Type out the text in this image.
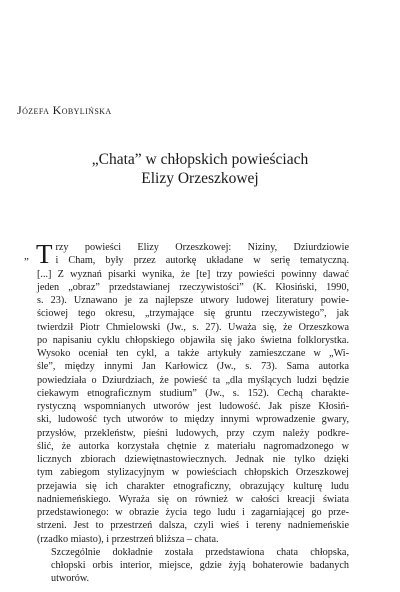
Józefa Kobylińska
„Chata” w chłopskich powieściach
Elizy Orzeszkowej
„ T rzy powieści Elizy Orzeszkowej: Niziny, Dziurdziowie
i Cham, były przez autorkę układane w serię tematyczną.
[...] Z wyznań pisarki wynika, że [te] trzy powieści powinny dawać
jeden „obraz” przedstawianej rzeczywistości” (K. Kłosiński, 1990,
s. 23). Uznawano je za najlepsze utwory ludowej literatury powie-
ściowej tego okresu, „trzymające się gruntu rzeczywistego”, jak
twierdził Piotr Chmielowski (Jw., s. 27). Uważa się, że Orzeszkowa
po napisaniu cyklu chłopskiego objawiła się jako świetna folklorystka.
Wysoko oceniał ten cykl, a także artykuły zamieszczane w „Wi-
śle”, między innymi Jan Karłowicz (Jw., s. 73). Sama autorka
powiedziała o Dziurdziach, że powieść ta „dla myślących ludzi będzie
ciekawym etnograficznym studium” (Jw., s. 152). Cechą charakte-
rystyczną wspomnianych utworów jest ludowość. Jak pisze Kłosiń-
ski, ludowość tych utworów to między innymi wprowadzenie gwary,
przysłów, przekleństw, pieśni ludowych, przy czym należy podkre-
ślić, że autorka korzystała chętnie z materiału nagromadzonego w
licznych zbiorach dziewiętnastowiecznych. Jednak nie tylko dzięki
tym zabiegom stylizacyjnym w powieściach chłopskich Orzeszkowej
przejawia się ich charakter etnograficzny, obrazujący kulturę ludu
nadniemeńskiego. Wyraża się on również w całości kreacji świata
przedstawionego: w obrazie życia tego ludu i zagarniającej go prze-
strzeni. Jest to przestrzeń dalsza, czyli wieś i tereny nadniemeńskie
(rzadko miasto), i przestrzeń bliższa – chata.
Szczególnie dokładnie została przedstawiona chata chłopska,
chłopski orbis interior, miejsce, gdzie żyją bohaterowie badanych
utworów.
